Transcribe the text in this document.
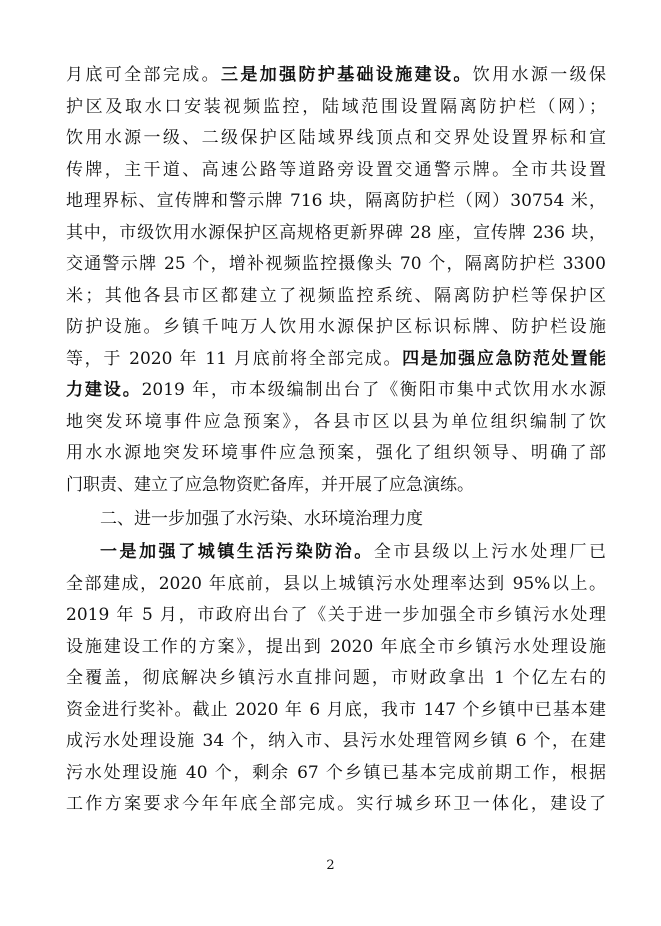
月底可全部完成。三是加强防护基础设施建设。饮用水源一级保
护区及取水口安装视频监控，陆域范围设置隔离防护栏（网）；
饮用水源一级、二级保护区陆域界线顶点和交界处设置界标和宣
传牌，主干道、高速公路等道路旁设置交通警示牌。全市共设置
地理界标、宣传牌和警示牌 716 块，隔离防护栏（网）30754 米，
其中，市级饮用水源保护区高规格更新界碑 28 座，宣传牌 236 块，
交通警示牌 25 个，增补视频监控摄像头 70 个，隔离防护栏 3300
米；其他各县市区都建立了视频监控系统、隔离防护栏等保护区
防护设施。乡镇千吨万人饮用水源保护区标识标牌、防护栏设施
等，于 2020 年 11 月底前将全部完成。四是加强应急防范处置能
力建设。2019 年，市本级编制出台了《衡阳市集中式饮用水水源
地突发环境事件应急预案》，各县市区以县为单位组织编制了饮
用水水源地突发环境事件应急预案，强化了组织领导、明确了部
门职责、建立了应急物资贮备库，并开展了应急演练。
二、进一步加强了水污染、水环境治理力度
一是加强了城镇生活污染防治。全市县级以上污水处理厂已
全部建成，2020 年底前，县以上城镇污水处理率达到 95%以上。
2019 年 5 月，市政府出台了《关于进一步加强全市乡镇污水处理
设施建设工作的方案》，提出到 2020 年底全市乡镇污水处理设施
全覆盖，彻底解决乡镇污水直排问题，市财政拿出 1 个亿左右的
资金进行奖补。截止 2020 年 6 月底，我市 147 个乡镇中已基本建
成污水处理设施 34 个，纳入市、县污水处理管网乡镇 6 个，在建
污水处理设施 40 个，剩余 67 个乡镇已基本完成前期工作，根据
工作方案要求今年年底全部完成。实行城乡环卫一体化，建设了
2
